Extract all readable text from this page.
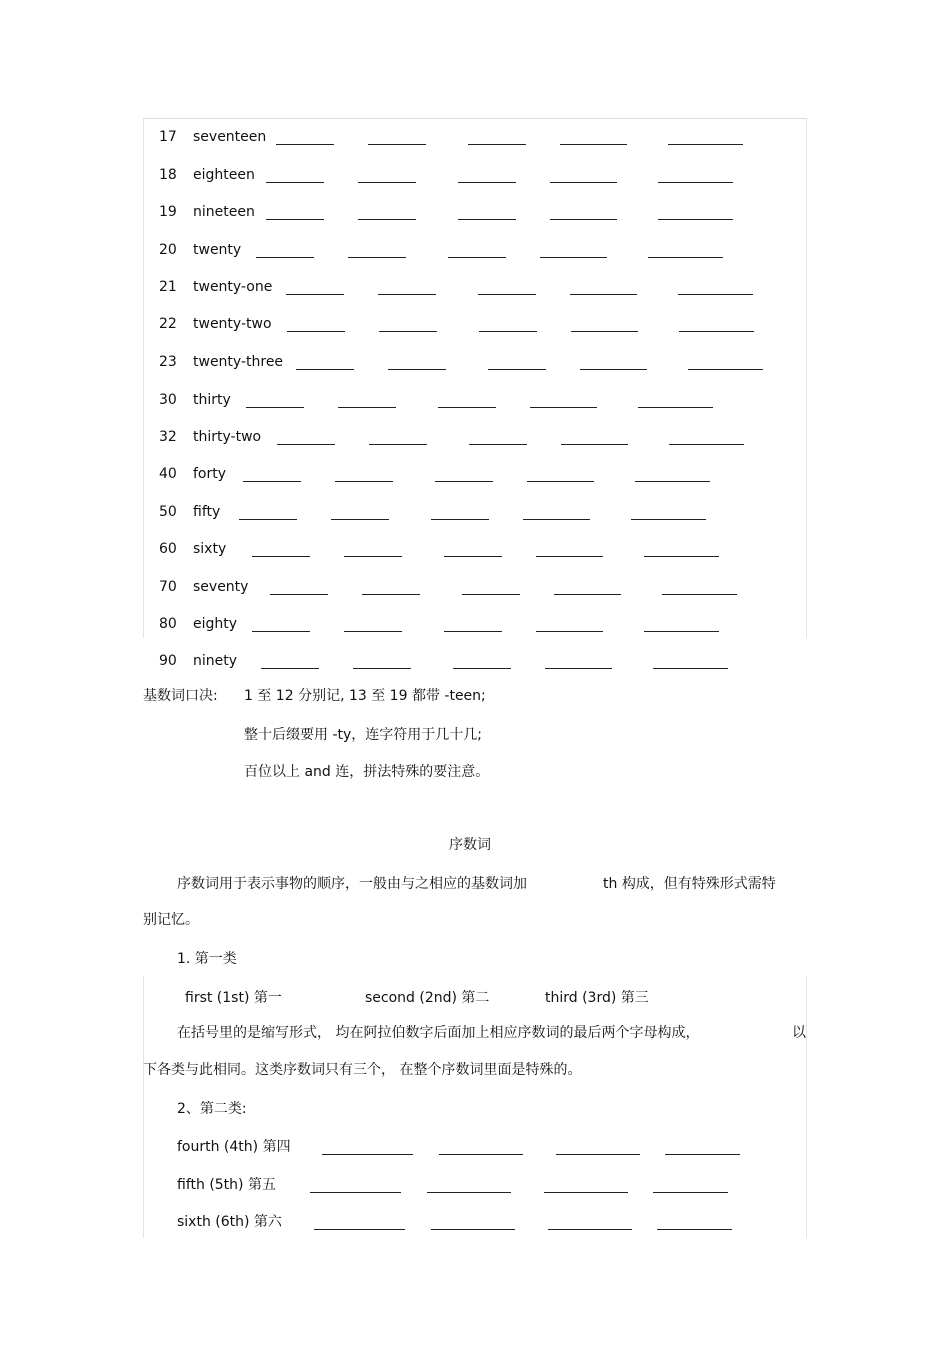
17 seventeen
18 eighteen
19 nineteen
20 twenty
21 twenty-one
22 twenty-two
23 twenty-three
30 thirty
32 thirty-two
40 forty
50 fifty
60 sixty
70 seventy
80 eighty
90 ninety
基数词口决: 1 至 12 分别记, 13 至 19 都带 -teen;
整十后缀要用 -ty，连字符用于几十几;
百位以上 and 连，拼法特殊的要注意。
序数词
序数词用于表示事物的顺序，一般由与之相应的基数词加	th 构成，但有特殊形式需特
别记忆。
1. 第一类
first (1st) 第一	second (2nd) 第二	third (3rd) 第三
在括号里的是缩写形式， 均在阿拉伯数字后面加上相应序数词的最后两个字母构成，	以
下各类与此相同。这类序数词只有三个， 在整个序数词里面是特殊的。
2、第二类:
fourth (4th) 第四
fifth (5th) 第五
sixth (6th) 第六
